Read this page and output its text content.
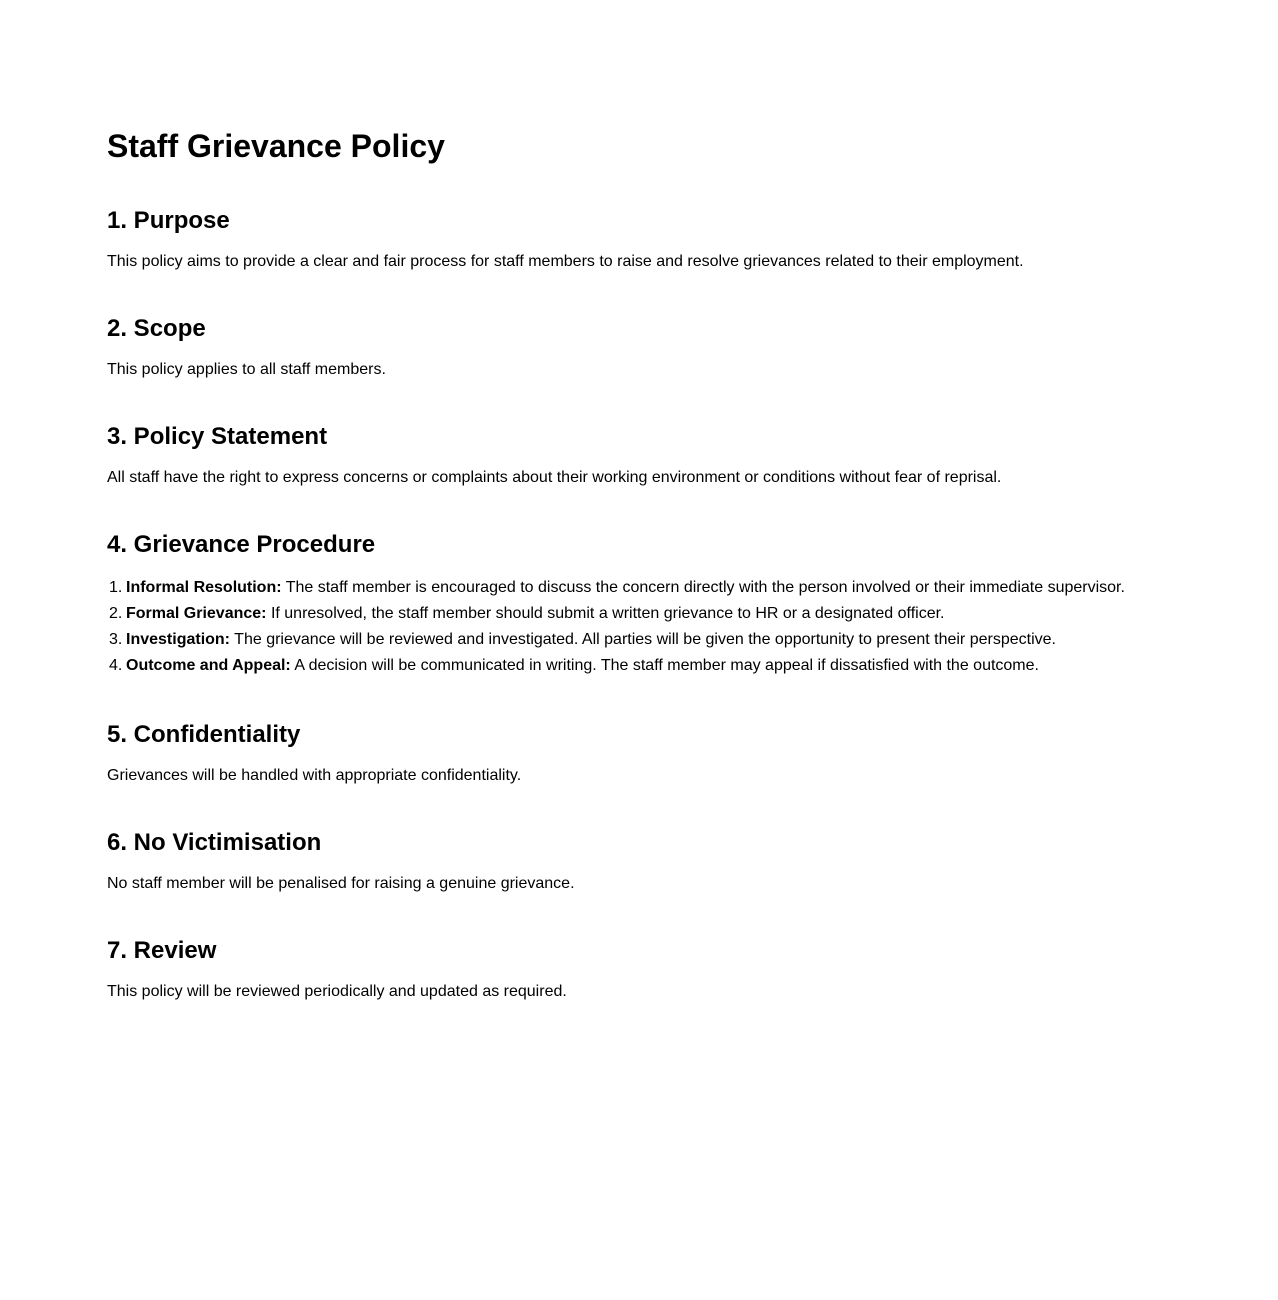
Staff Grievance Policy
1. Purpose

This policy aims to provide a clear and fair process for staff members to raise and resolve grievances related to their employment.

2. Scope

This policy applies to all staff members.

3. Policy Statement

All staff have the right to express concerns or complaints about their working environment or conditions without fear of reprisal.

4. Grievance Procedure
1. Informal Resolution: The staff member is encouraged to discuss the concern directly with the person involved or their immediate supervisor.
2. Formal Grievance: If unresolved, the staff member should submit a written grievance to HR or a designated officer.
3. Investigation: The grievance will be reviewed and investigated. All parties will be given the opportunity to present their perspective.
4. Outcome and Appeal: A decision will be communicated in writing. The staff member may appeal if dissatisfied with the outcome.
5. Confidentiality

Grievances will be handled with appropriate confidentiality.

6. No Victimisation

No staff member will be penalised for raising a genuine grievance.

7. Review

This policy will be reviewed periodically and updated as required.
